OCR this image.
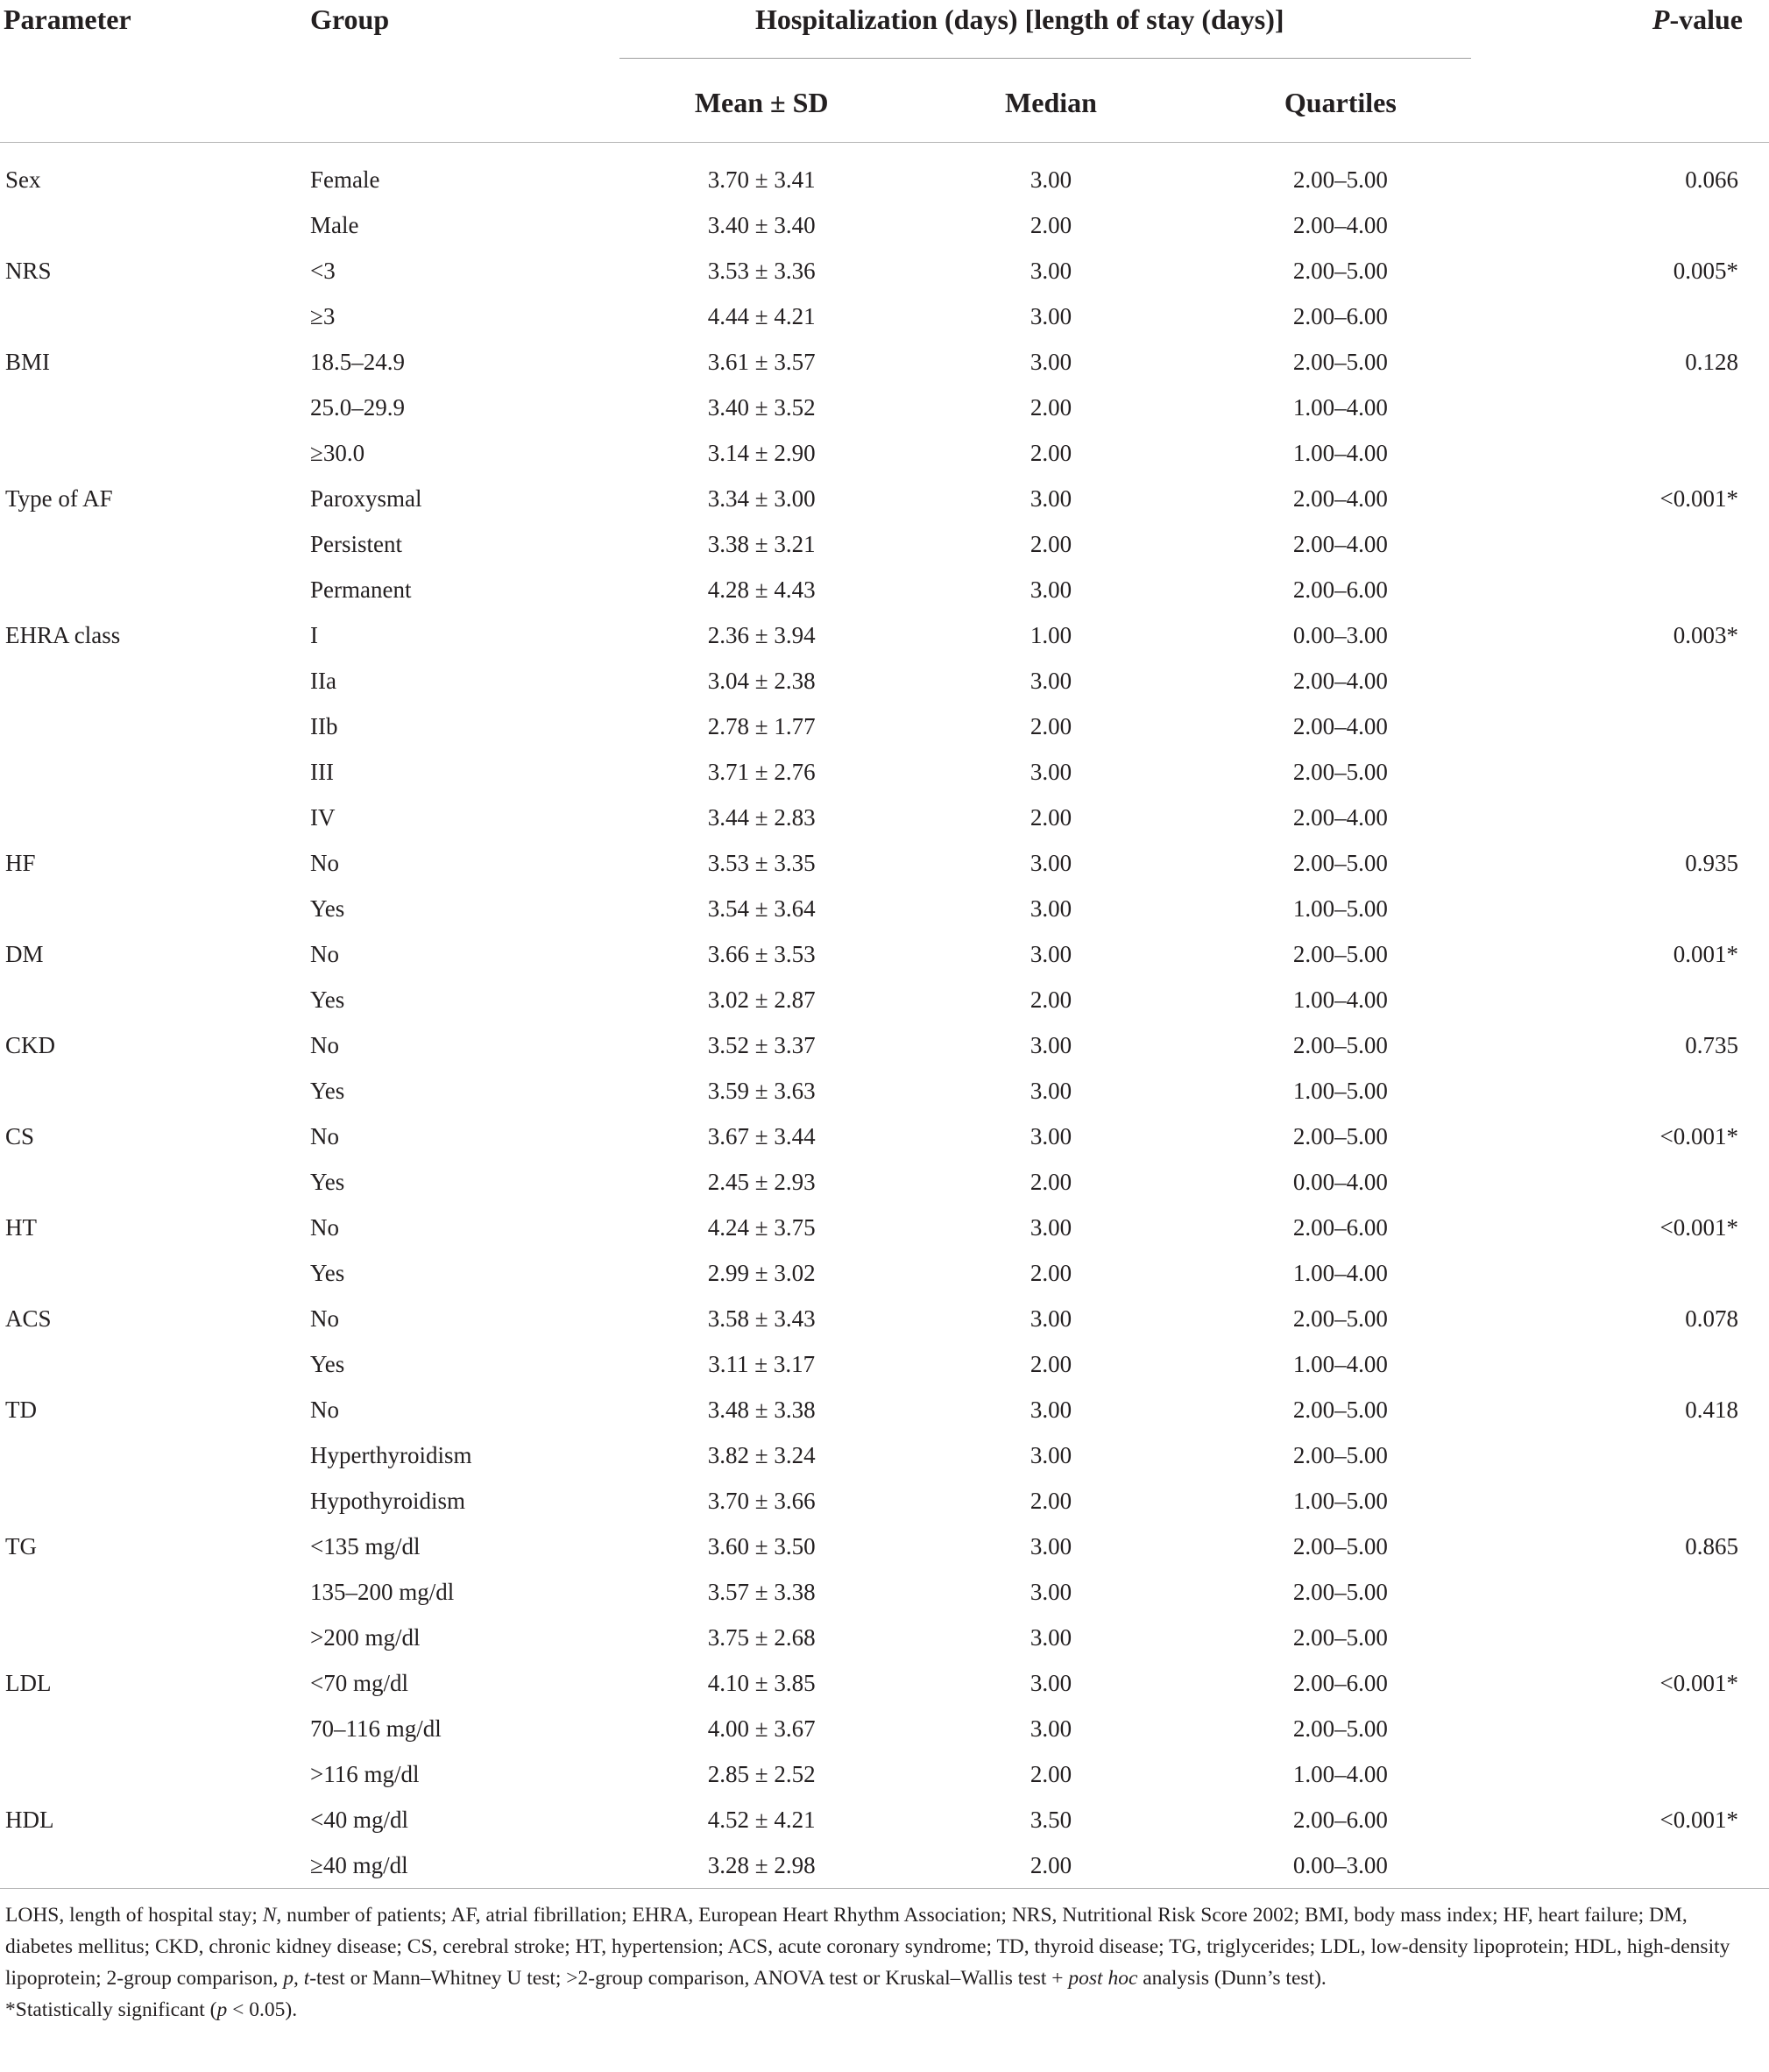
Parameter	Group	Hospitalization (days) [length of stay (days)]			P-value
		Mean ± SD	Median	Quartiles	
Sex	Female	3.70 ± 3.41	3.00	2.00–5.00	0.066
	Male	3.40 ± 3.40	2.00	2.00–4.00	
NRS	<3	3.53 ± 3.36	3.00	2.00–5.00	0.005*
	≥3	4.44 ± 4.21	3.00	2.00–6.00	
BMI	18.5–24.9	3.61 ± 3.57	3.00	2.00–5.00	0.128
	25.0–29.9	3.40 ± 3.52	2.00	1.00–4.00	
	≥30.0	3.14 ± 2.90	2.00	1.00–4.00	
Type of AF	Paroxysmal	3.34 ± 3.00	3.00	2.00–4.00	<0.001*
	Persistent	3.38 ± 3.21	2.00	2.00–4.00	
	Permanent	4.28 ± 4.43	3.00	2.00–6.00	
EHRA class	I	2.36 ± 3.94	1.00	0.00–3.00	0.003*
	IIa	3.04 ± 2.38	3.00	2.00–4.00	
	IIb	2.78 ± 1.77	2.00	2.00–4.00	
	III	3.71 ± 2.76	3.00	2.00–5.00	
	IV	3.44 ± 2.83	2.00	2.00–4.00	
HF	No	3.53 ± 3.35	3.00	2.00–5.00	0.935
	Yes	3.54 ± 3.64	3.00	1.00–5.00	
DM	No	3.66 ± 3.53	3.00	2.00–5.00	0.001*
	Yes	3.02 ± 2.87	2.00	1.00–4.00	
CKD	No	3.52 ± 3.37	3.00	2.00–5.00	0.735
	Yes	3.59 ± 3.63	3.00	1.00–5.00	
CS	No	3.67 ± 3.44	3.00	2.00–5.00	<0.001*
	Yes	2.45 ± 2.93	2.00	0.00–4.00	
HT	No	4.24 ± 3.75	3.00	2.00–6.00	<0.001*
	Yes	2.99 ± 3.02	2.00	1.00–4.00	
ACS	No	3.58 ± 3.43	3.00	2.00–5.00	0.078
	Yes	3.11 ± 3.17	2.00	1.00–4.00	
TD	No	3.48 ± 3.38	3.00	2.00–5.00	0.418
	Hyperthyroidism	3.82 ± 3.24	3.00	2.00–5.00	
	Hypothyroidism	3.70 ± 3.66	2.00	1.00–5.00	
TG	<135 mg/dl	3.60 ± 3.50	3.00	2.00–5.00	0.865
	135–200 mg/dl	3.57 ± 3.38	3.00	2.00–5.00	
	>200 mg/dl	3.75 ± 2.68	3.00	2.00–5.00	
LDL	<70 mg/dl	4.10 ± 3.85	3.00	2.00–6.00	<0.001*
	70–116 mg/dl	4.00 ± 3.67	3.00	2.00–5.00	
	>116 mg/dl	2.85 ± 2.52	2.00	1.00–4.00	
HDL	<40 mg/dl	4.52 ± 4.21	3.50	2.00–6.00	<0.001*
	≥40 mg/dl	3.28 ± 2.98	2.00	0.00–3.00	

LOHS, length of hospital stay; N, number of patients; AF, atrial fibrillation; EHRA, European Heart Rhythm Association; NRS, Nutritional Risk Score 2002; BMI, body mass index; HF, heart failure; DM, diabetes mellitus; CKD, chronic kidney disease; CS, cerebral stroke; HT, hypertension; ACS, acute coronary syndrome; TD, thyroid disease; TG, triglycerides; LDL, low-density lipoprotein; HDL, high-density lipoprotein; 2-group comparison, p, t-test or Mann–Whitney U test; >2-group comparison, ANOVA test or Kruskal–Wallis test + post hoc analysis (Dunn’s test).

*Statistically significant (p < 0.05).
